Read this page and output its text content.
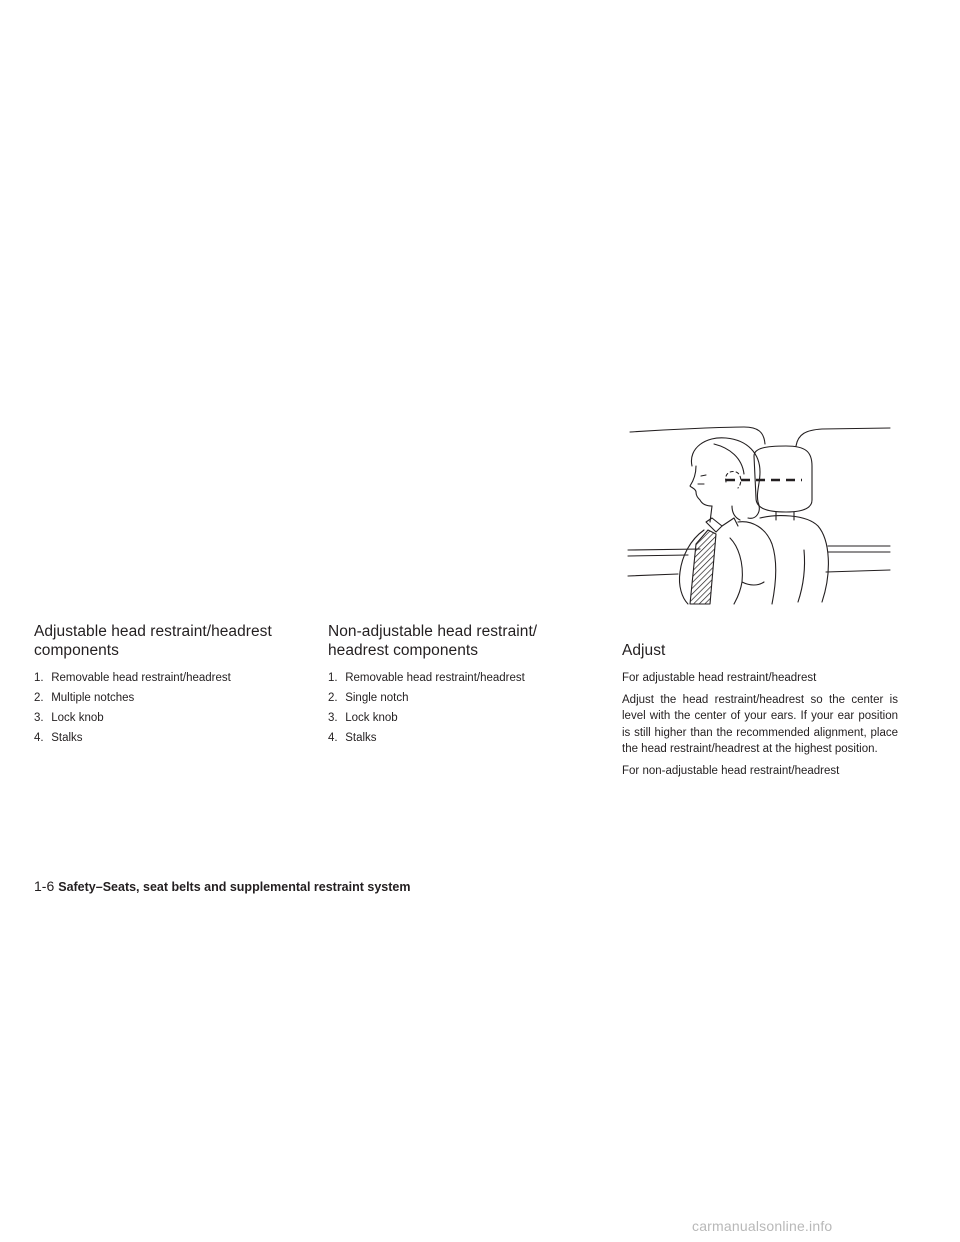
Adjustable head restraint/headrest
components
1. Removable head restraint/headrest
2. Multiple notches
3. Lock knob
4. Stalks
Non-adjustable head restraint/
headrest components
1. Removable head restraint/headrest
2. Single notch
3. Lock knob
4. Stalks
Adjust

For adjustable head restraint/headrest

Adjust the head restraint/headrest so the center is level with the center of your ears. If your ear position is still higher than the recommended alignment, place the head restraint/headrest at the highest position.

For non-adjustable head restraint/headrest

1-6 Safety–Seats, seat belts and supplemental restraint system
carmanualsonline.info
